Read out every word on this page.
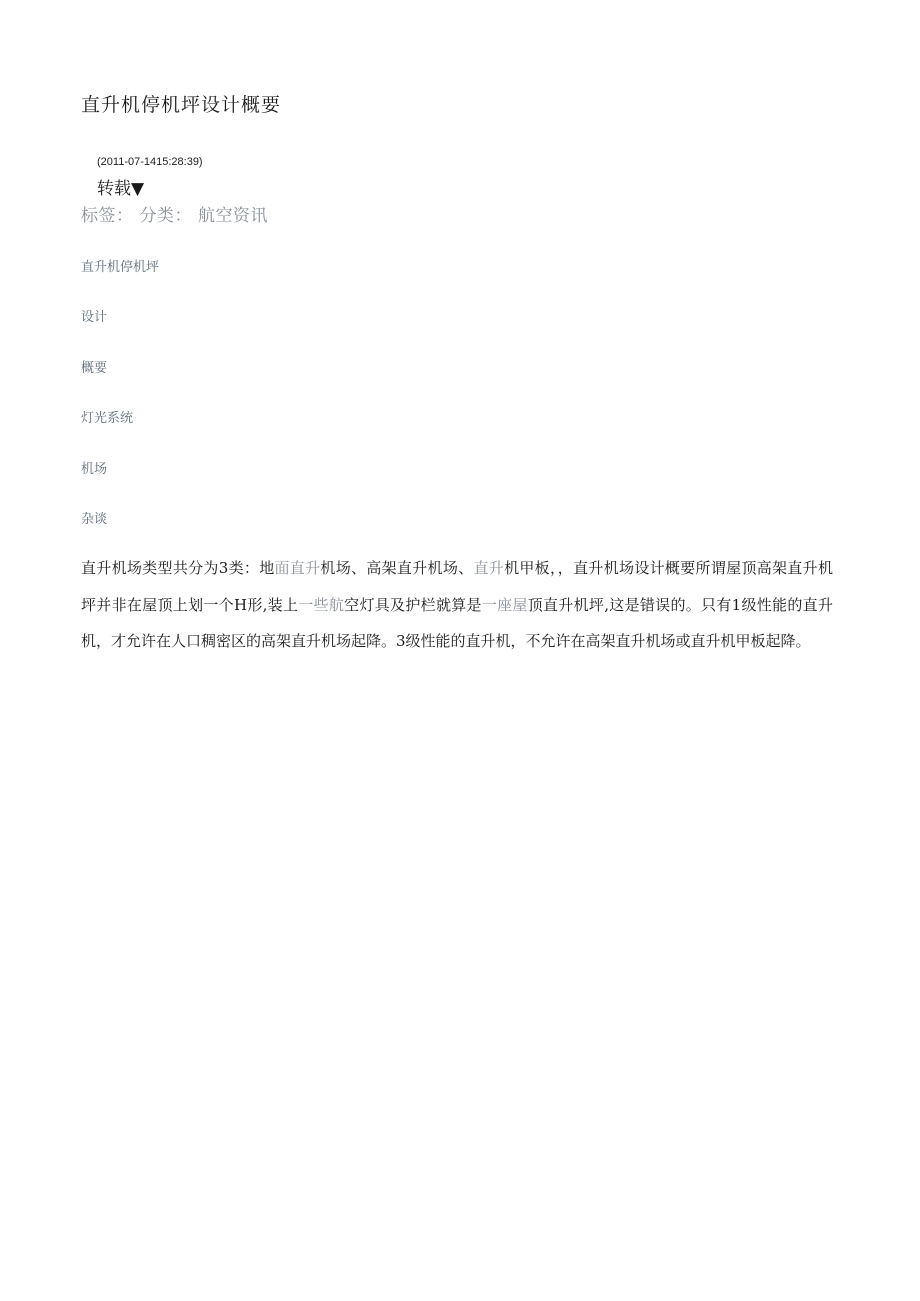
直升机停机坪设计概要
(2011-07-1415:28:39)
转载▼
标签： 分类： 航空资讯
直升机停机坪
设计
概要
灯光系统
机场
杂谈

直升机场类型共分为3类：地面直升机场、高架直升机场、直升机甲板，，直升机场设计概要所谓屋顶高架直升机坪并非在屋顶上划一个H形,装上一些航空灯具及护栏就算是一座屋顶直升机坪,这是错误的。只有1级性能的直升机，才允许在人口稠密区的高架直升机场起降。3级性能的直升机，不允许在高架直升机场或直升机甲板起降。
